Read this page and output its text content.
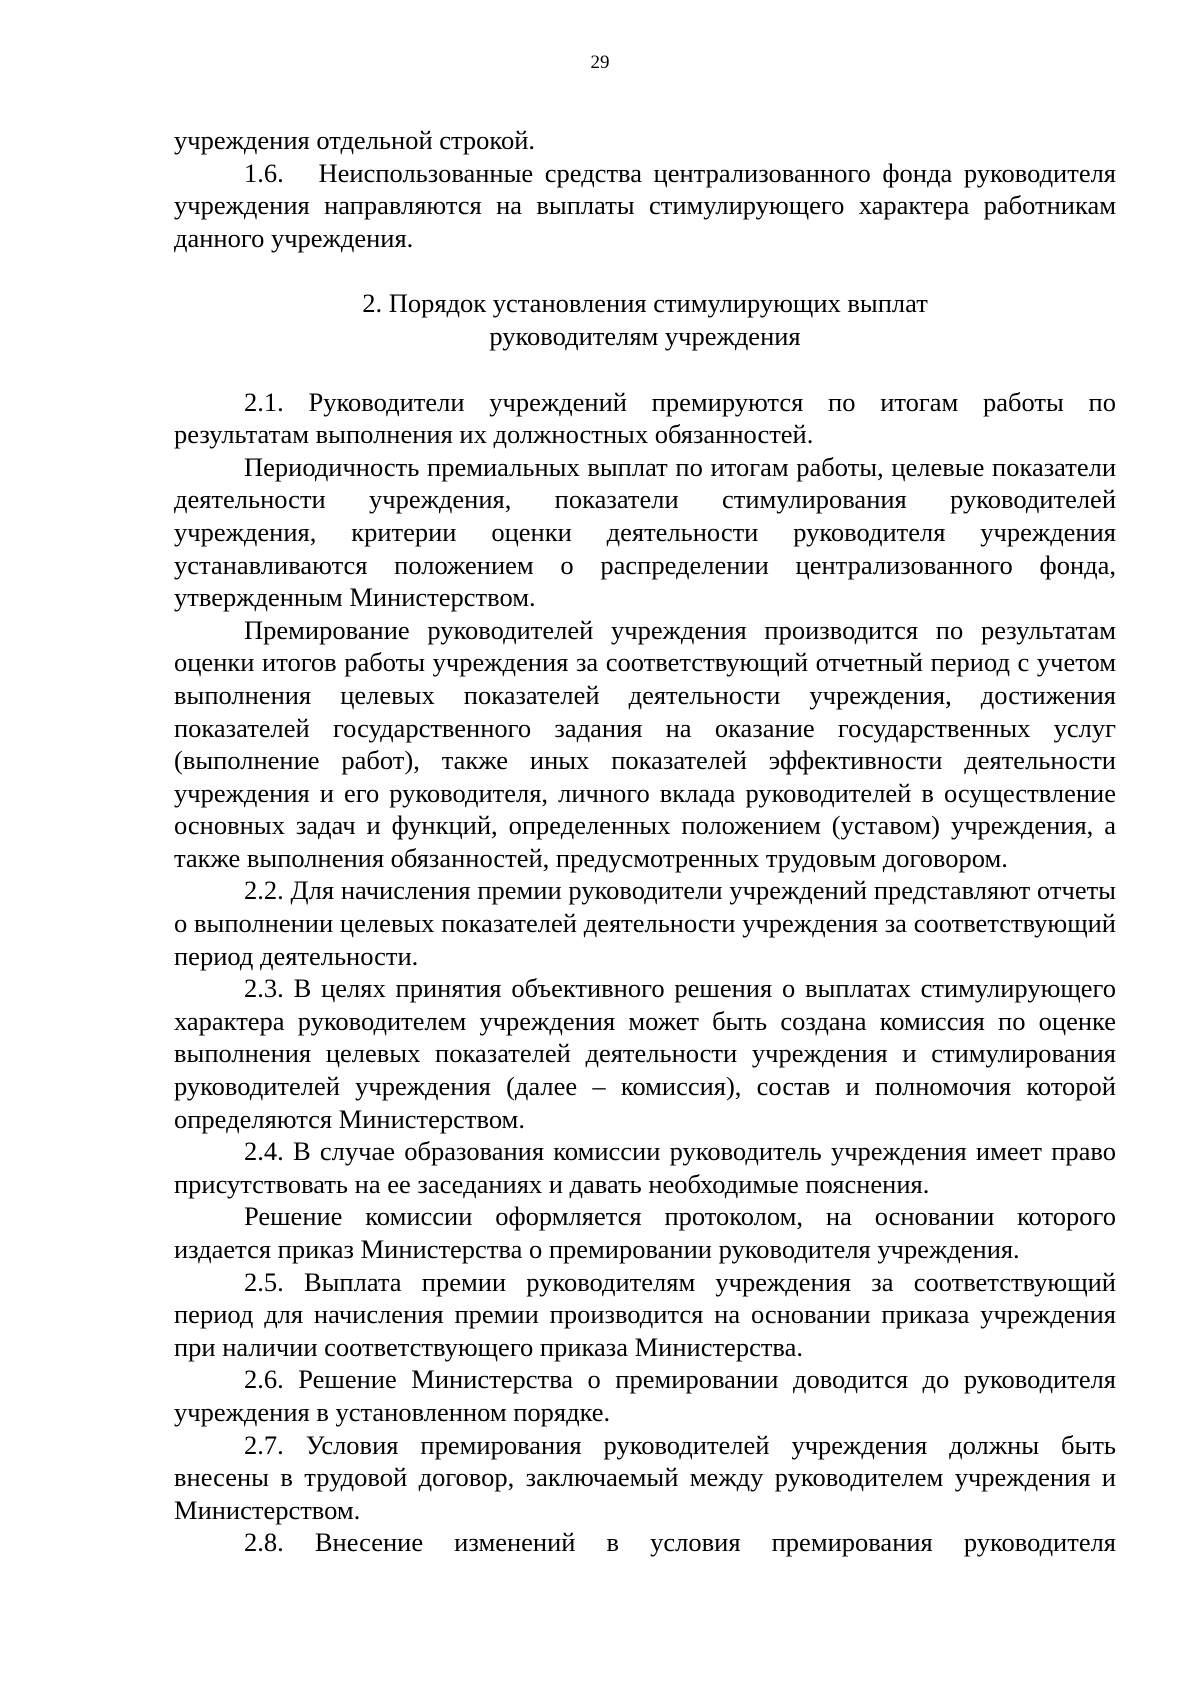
29

учреждения отдельной строкой.

1.6.   Неиспользованные средства централизованного фонда руководителя учреждения направляются на выплаты стимулирующего характера работникам данного учреждения.

2. Порядок установления стимулирующих выплат
руководителям учреждения

2.1. Руководители учреждений премируются по итогам работы по результатам выполнения их должностных обязанностей.

Периодичность премиальных выплат по итогам работы, целевые показатели деятельности учреждения, показатели стимулирования руководителей учреждения, критерии оценки деятельности руководителя учреждения устанавливаются положением о распределении централизованного фонда, утвержденным Министерством.

Премирование руководителей учреждения производится по результатам оценки итогов работы учреждения за соответствующий отчетный период с учетом выполнения целевых показателей деятельности учреждения, достижения показателей государственного задания на оказание государственных услуг (выполнение работ), также иных показателей эффективности деятельности учреждения и его руководителя, личного вклада руководителей в осуществление основных задач и функций, определенных положением (уставом) учреждения, а также выполнения обязанностей, предусмотренных трудовым договором.

2.2. Для начисления премии руководители учреждений представляют отчеты о выполнении целевых показателей деятельности учреждения за соответствующий период деятельности.

2.3. В целях принятия объективного решения о выплатах стимулирующего характера руководителем учреждения может быть создана комиссия по оценке выполнения целевых показателей деятельности учреждения и стимулирования руководителей учреждения (далее – комиссия), состав и полномочия которой определяются Министерством.

2.4. В случае образования комиссии руководитель учреждения имеет право присутствовать на ее заседаниях и давать необходимые пояснения.

Решение комиссии оформляется протоколом, на основании которого издается приказ Министерства о премировании руководителя учреждения.

2.5. Выплата премии руководителям учреждения за соответствующий период для начисления премии производится на основании приказа учреждения при наличии соответствующего приказа Министерства.

2.6. Решение Министерства о премировании доводится до руководителя учреждения в установленном порядке.

2.7. Условия премирования руководителей учреждения должны быть внесены в трудовой договор, заключаемый между руководителем учреждения и Министерством.

2.8. Внесение изменений в условия премирования руководителя
